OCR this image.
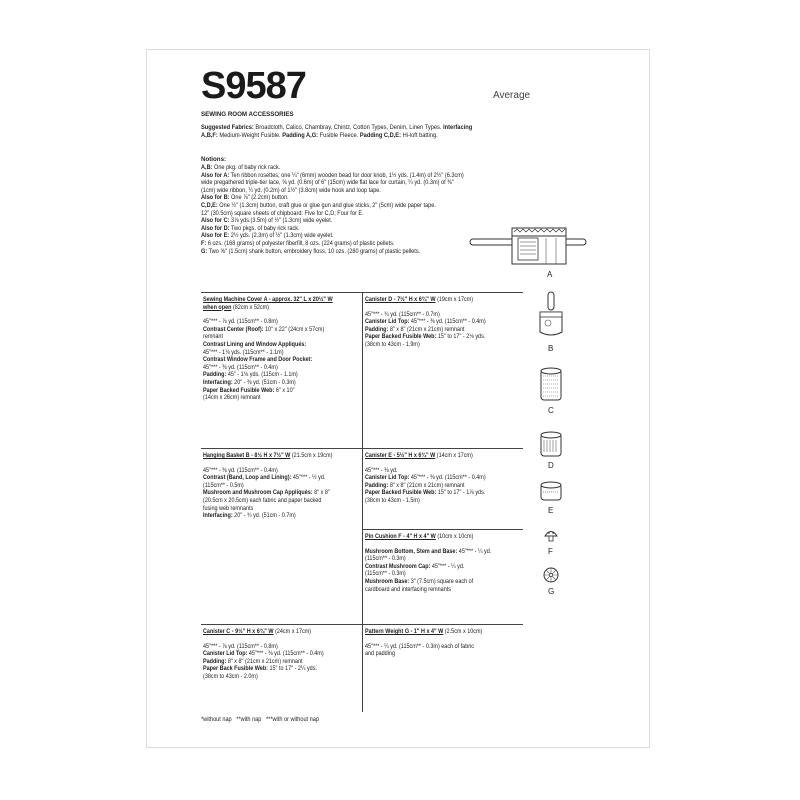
S9587	Average
SEWING ROOM ACCESSORIES
Suggested Fabrics: Broadcloth, Calico, Chambray, Chintz, Cotton Types, Denim, Linen Types. Interfacing
A,B,F: Medium-Weight Fusible. Padding A,G: Fusible Fleece. Padding C,D,E: Hi-loft batting.
Notions:
A,B: One pkg. of baby rick rack.
Also for A: Ten ribbon rosettes, one ¼" (6mm) wooden bead for door knob, 1½ yds. (1.4m) of 2½" (6.3cm)
wide pregathered triple-tier lace, ⅝ yd. (0.6m) of 6" (15cm) wide flat lace for curtain, ¼ yd. (0.3m) of ⅜"
(1cm) wide ribbon, ¼ yd. (0.2m) of 1½" (3.8cm) wide hook and loop tape.
Also for B: One ⅞" (2.2cm) button.
C,D,E: One ½" (1.3cm) button, craft glue or glue gun and glue sticks, 2" (5cm) wide paper tape.
12" (30.5cm) square sheets of chipboard: Five for C,D; Four for E.
Also for C: 3⅞ yds.(3.5m) of ½" (1.3cm) wide eyelet.
Also for D: Two pkgs. of baby rick rack.
Also for E: 2½ yds. (2.3m) of ½" (1.3cm) wide eyelet.
F: 6 ozs. (168 grams) of polyester fiberfill, 8 ozs. (224 grams) of plastic pellets.
G: Two ⅝" (1.5cm) shank button, embroidery floss, 10 ozs. (280 grams) of plastic pellets.
Sewing Machine Cover A - approx. 32" L x 20½" W
when open (82cm x 52cm)
45"*** - ⅞ yd. (115cm** - 0.8m)
Contrast Center (Roof): 10" x 22" (24cm x 57cm)
remnant
Contrast Lining and Window Appliqués:
45"*** - 1⅛ yds. (115cm** - 1.1m)
Contrast Window Frame and Door Pocket:
45"*** - ⅜ yd. (115cm** - 0.4m)
Padding: 45" - 1⅛ yds. (115cm - 1.1m)
Interfacing: 20" - ⅜ yd. (51cm - 0.3m)
Paper Backed Fusible Web: 6" x 10"
(14cm x 26cm) remnant
Canister D - 7½" H x 6¾" W (19cm x 17cm)
45"*** - ¾ yd. (115cm** - 0.7m)
Canister Lid Top: 45"*** - ⅜ yd. (115cm** - 0.4m)
Padding: 8" x 8" (21cm x 21cm) remnant
Paper Backed Fusible Web: 15" to 17" - 2⅛ yds.
(38cm to 43cm - 1.9m)
Hanging Basket B - 8½ H x 7½" W (21.5cm x 19cm)
45"*** - ⅜ yd. (115cm** - 0.4m)
Contrast (Band, Loop and Lining): 45"*** - ½ yd.
(115cm** - 0.5m)
Mushroom and Mushroom Cap Appliqués: 8" x 8"
(20.5cm x 20.5cm) each fabric and paper backed
fusing web remnants
Interfacing: 20" - ¾ yd. (51cm - 0.7m)
Canister E - 5½" H x 6¾" W (14cm x 17cm)
45"*** - ⅜ yd.
Canister Lid Top: 45"*** - ⅜ yd. (115cm** - 0.4m)
Padding: 8" x 8" (21cm x 21cm) remnant
Paper Backed Fusible Web: 15" to 17" - 1⅞ yds.
(38cm to 43cm - 1.5m)
Pin Cushion F - 4" H x 4" W (10cm x 10cm)
Mushroom Bottom, Stem and Base: 45"*** - ¼ yd.
(115cm** - 0.3m)
Contrast Mushroom Cap: 45"*** - ¼ yd.
(115cm** - 0.3m)
Mushroom Base: 3" (7.5cm) square each of
cardboard and interfacing remnants
Canister C - 9½" H x 6¾" W (24cm x 17cm)
45"*** - ⅞ yd. (115cm** - 0.8m)
Canister Lid Top: 45"*** - ⅜ yd. (115cm** - 0.4m)
Padding: 8" x 8" (21cm x 21cm) remnant
Paper Back Fusible Web: 15" to 17" - 2¼ yds.
(38cm to 43cm - 2.0m)
Pattern Weight G - 1" H x 4" W (2.5cm x 10cm)
45"*** - ¼ yd. (115cm** - 0.3m) each of fabric
and padding
*without nap   **with nap   ***with or without nap
A
B
C
D
E
F
G
